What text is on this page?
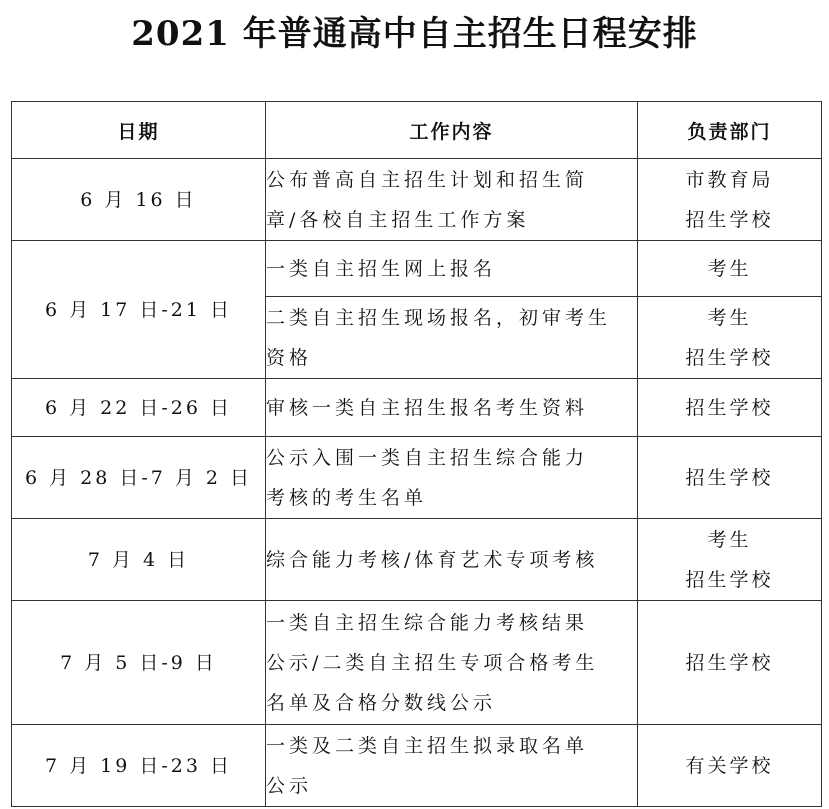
2021 年普通高中自主招生日程安排
日期	工作内容	负责部门
6 月 16 日	公布普高自主招生计划和招生简
章/各校自主招生工作方案	市教育局
招生学校

6 月 17 日-21 日	一类自主招生网上报名	考生

	二类自主招生现场报名，初审考生
资格	考生
招生学校

6 月 22 日-26 日	审核一类自主招生报名考生资料	招生学校

6 月 28 日-7 月 2 日	公示入围一类自主招生综合能力
考核的考生名单	招生学校

7 月 4 日	综合能力考核/体育艺术专项考核	考生
招生学校

7 月 5 日-9 日	一类自主招生综合能力考核结果
公示/二类自主招生专项合格考生
名单及合格分数线公示	招生学校

7 月 19 日-23 日	一类及二类自主招生拟录取名单
公示	有关学校
